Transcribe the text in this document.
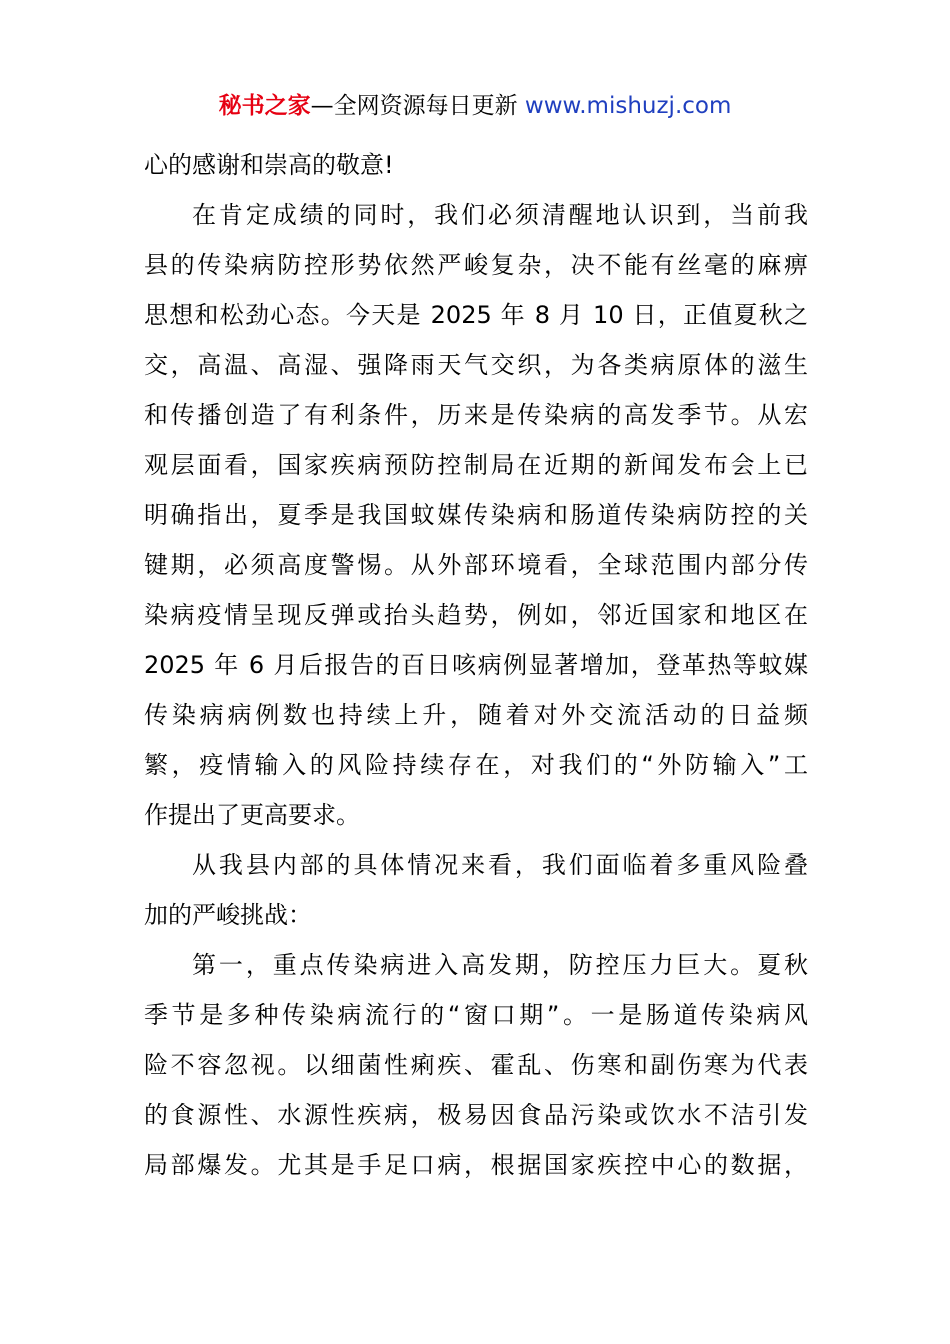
秘书之家—全网资源每日更新 www.mishuzj.com
心的感谢和崇高的敬意!
在肯定成绩的同时，我们必须清醒地认识到，当前我
县的传染病防控形势依然严峻复杂，决不能有丝毫的麻痹
思想和松劲心态。今天是 2025 年 8 月 10 日，正值夏秋之
交，高温、高湿、强降雨天气交织，为各类病原体的滋生
和传播创造了有利条件，历来是传染病的高发季节。从宏
观层面看，国家疾病预防控制局在近期的新闻发布会上已
明确指出，夏季是我国蚊媒传染病和肠道传染病防控的关
键期，必须高度警惕。从外部环境看，全球范围内部分传
染病疫情呈现反弹或抬头趋势，例如，邻近国家和地区在
2025 年 6 月后报告的百日咳病例显著增加，登革热等蚊媒
传染病病例数也持续上升，随着对外交流活动的日益频
繁，疫情输入的风险持续存在，对我们的“外防输入”工
作提出了更高要求。
从我县内部的具体情况来看，我们面临着多重风险叠
加的严峻挑战：
第一，重点传染病进入高发期，防控压力巨大。夏秋
季节是多种传染病流行的“窗口期”。一是肠道传染病风
险不容忽视。以细菌性痢疾、霍乱、伤寒和副伤寒为代表
的食源性、水源性疾病，极易因食品污染或饮水不洁引发
局部爆发。尤其是手足口病，根据国家疾控中心的数据，
